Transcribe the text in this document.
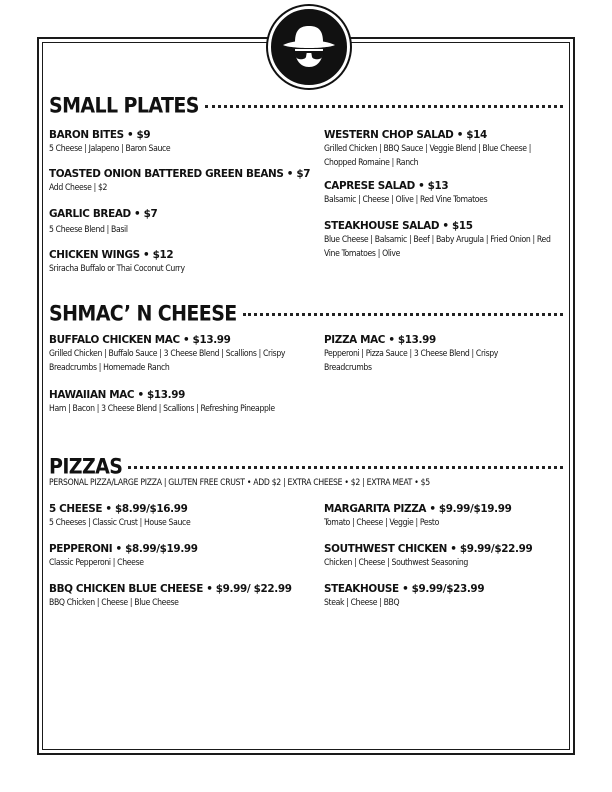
SMALL PLATES
BARON BITES • $9
5 Cheese | Jalapeno | Baron Sauce
TOASTED ONION BATTERED GREEN BEANS • $7
Add Cheese | $2
GARLIC BREAD • $7
5 Cheese Blend | Basil
CHICKEN WINGS • $12
Sriracha Buffalo or Thai Coconut Curry
WESTERN CHOP SALAD • $14
Grilled Chicken | BBQ Sauce | Veggie Blend | Blue Cheese | Chopped Romaine | Ranch
CAPRESE SALAD • $13
Balsamic | Cheese | Olive | Red Vine Tomatoes
STEAKHOUSE SALAD • $15
Blue Cheese | Balsamic | Beef | Baby Arugula | Fried Onion | Red Vine Tomatoes | Olive
SHMAC’ N CHEESE
BUFFALO CHICKEN MAC • $13.99
Grilled Chicken | Buffalo Sauce | 3 Cheese Blend | Scallions | Crispy Breadcrumbs | Homemade Ranch
HAWAIIAN MAC • $13.99
Ham | Bacon | 3 Cheese Blend | Scallions | Refreshing Pineapple
PIZZA MAC • $13.99
Pepperoni | Pizza Sauce | 3 Cheese Blend | Crispy Breadcrumbs
PIZZAS
PERSONAL PIZZA/LARGE PIZZA | GLUTEN FREE CRUST • ADD $2 | EXTRA CHEESE • $2 | EXTRA MEAT • $5
5 CHEESE • $8.99/$16.99
5 Cheeses | Classic Crust | House Sauce
PEPPERONI • $8.99/$19.99
Classic Pepperoni | Cheese
BBQ CHICKEN BLUE CHEESE • $9.99/ $22.99
BBQ Chicken | Cheese | Blue Cheese
MARGARITA PIZZA • $9.99/$19.99
Tomato | Cheese | Veggie | Pesto
SOUTHWEST CHICKEN • $9.99/$22.99
Chicken | Cheese | Southwest Seasoning
STEAKHOUSE • $9.99/$23.99
Steak | Cheese | BBQ
